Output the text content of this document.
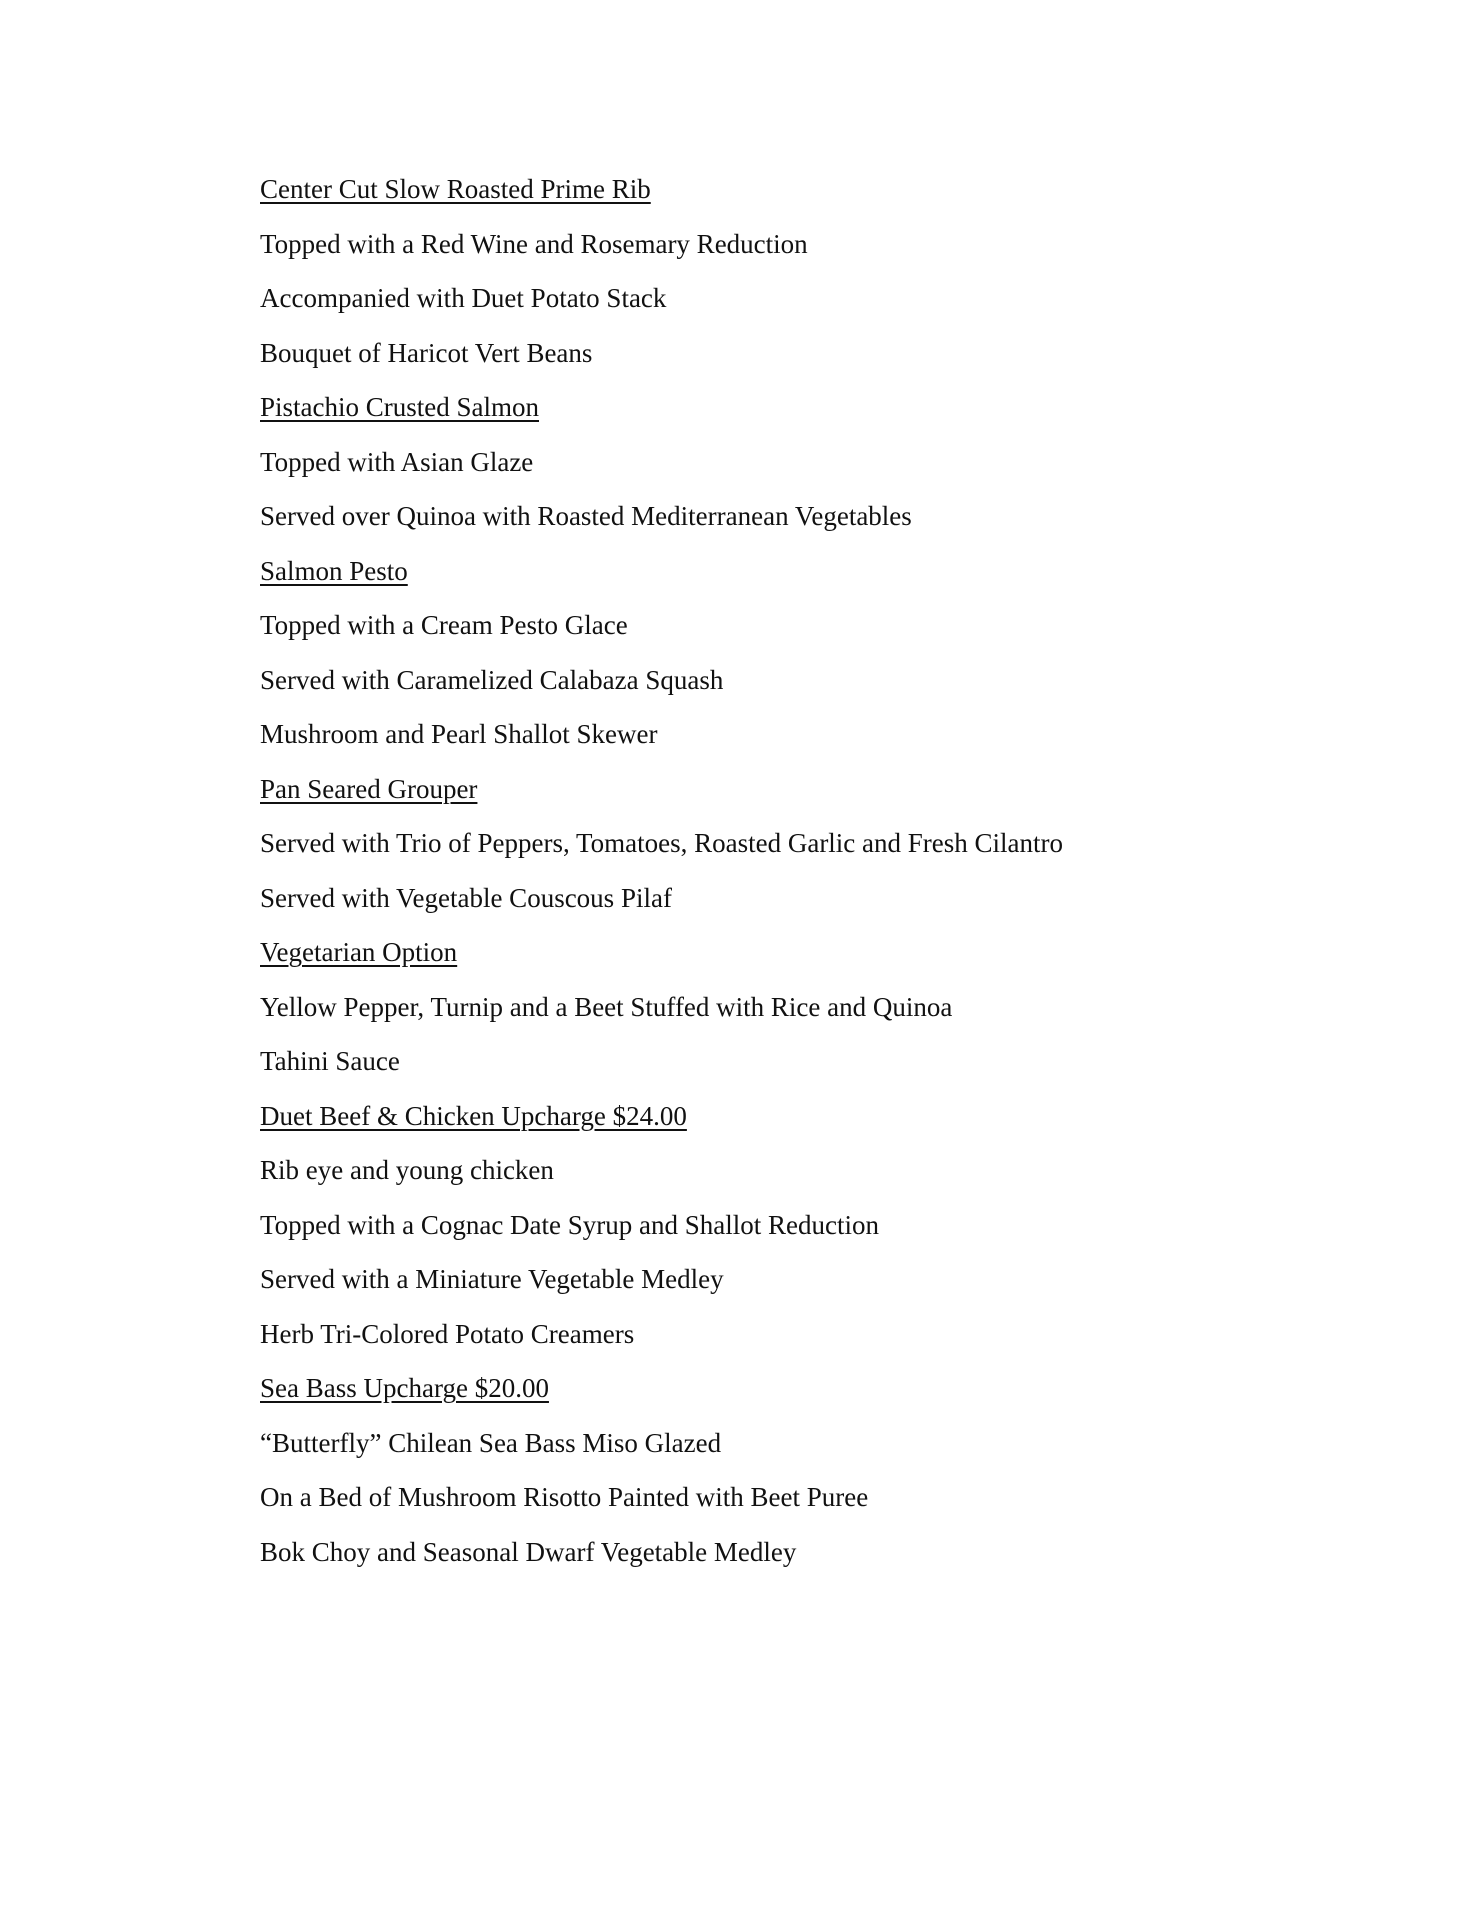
Center Cut Slow Roasted Prime Rib
Topped with a Red Wine and Rosemary Reduction
Accompanied with Duet Potato Stack
Bouquet of Haricot Vert Beans
Pistachio Crusted Salmon
Topped with Asian Glaze
Served over Quinoa with Roasted Mediterranean Vegetables
Salmon Pesto
Topped with a Cream Pesto Glace
Served with Caramelized Calabaza Squash
Mushroom and Pearl Shallot Skewer
Pan Seared Grouper
Served with Trio of Peppers, Tomatoes, Roasted Garlic and Fresh Cilantro
Served with Vegetable Couscous Pilaf
Vegetarian Option
Yellow Pepper, Turnip and a Beet Stuffed with Rice and Quinoa
Tahini Sauce
Duet Beef & Chicken Upcharge $24.00
Rib eye and young chicken
Topped with a Cognac Date Syrup and Shallot Reduction
Served with a Miniature Vegetable Medley
Herb Tri-Colored Potato Creamers
Sea Bass Upcharge $20.00
“Butterfly” Chilean Sea Bass Miso Glazed
On a Bed of Mushroom Risotto Painted with Beet Puree
Bok Choy and Seasonal Dwarf Vegetable Medley
